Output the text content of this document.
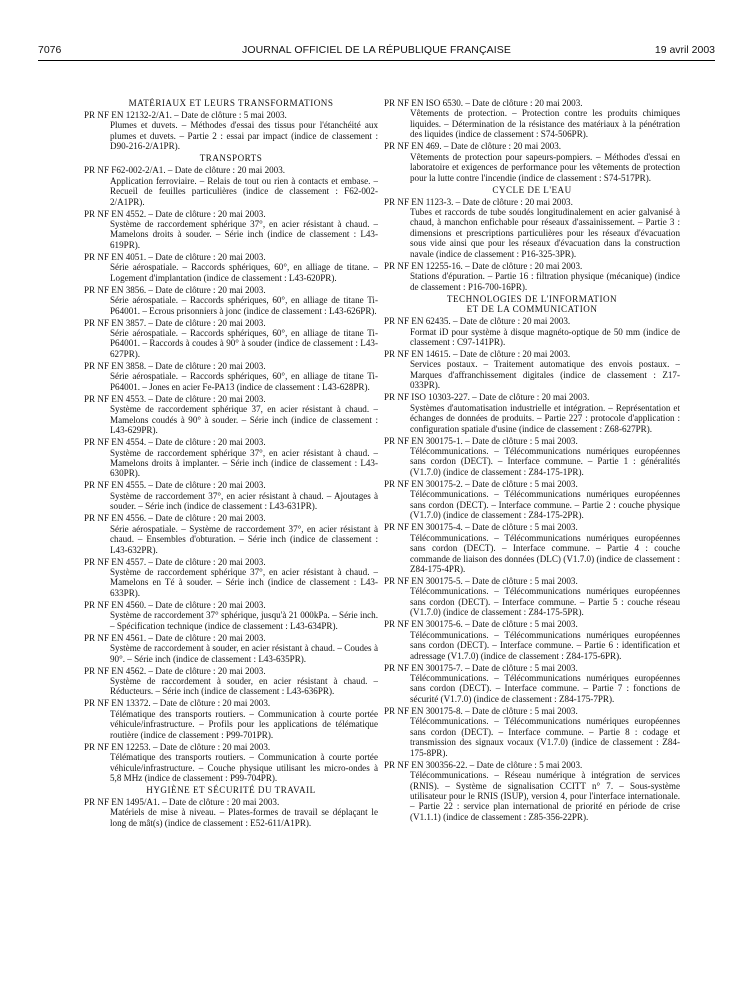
7076	JOURNAL OFFICIEL DE LA RÉPUBLIQUE FRANÇAISE	19 avril 2003
MATÉRIAUX ET LEURS TRANSFORMATIONS
PR NF EN 12132-2/A1. – Date de clôture : 5 mai 2003.
Plumes et duvets. – Méthodes d'essai des tissus pour l'étanchéité aux plumes et duvets. – Partie 2 : essai par impact (indice de classement : D90-216-2/A1PR).
TRANSPORTS
PR NF F62-002-2/A1. – Date de clôture : 20 mai 2003.
Application ferroviaire. – Relais de tout ou rien à contacts et embase. – Recueil de feuilles particulières (indice de classement : F62-002-2/A1PR).
PR NF EN 4552. – Date de clôture : 20 mai 2003.
Système de raccordement sphérique 37°, en acier résistant à chaud. – Mamelons droits à souder. – Série inch (indice de classement : L43-619PR).
PR NF EN 4051. – Date de clôture : 20 mai 2003.
Série aérospatiale. – Raccords sphériques, 60°, en alliage de titane. – Logement d'implantation (indice de classement : L43-620PR).
PR NF EN 3856. – Date de clôture : 20 mai 2003.
Série aérospatiale. – Raccords sphériques, 60°, en alliage de titane Ti-P64001. – Ecrous prisonniers à jonc (indice de classement : L43-626PR).
PR NF EN 3857. – Date de clôture : 20 mai 2003.
Série aérospatiale. – Raccords sphériques, 60°, en alliage de titane Ti-P64001. – Raccords à coudes à 90° à souder (indice de classement : L43-627PR).
PR NF EN 3858. – Date de clôture : 20 mai 2003.
Série aérospatiale. – Raccords sphériques, 60°, en alliage de titane Ti-P64001. – Jones en acier Fe-PA13 (indice de classement : L43-628PR).
PR NF EN 4553. – Date de clôture : 20 mai 2003.
Système de raccordement sphérique 37, en acier résistant à chaud. – Mamelons coudés à 90° à souder. – Série inch (indice de classement : L43-629PR).
PR NF EN 4554. – Date de clôture : 20 mai 2003.
Système de raccordement sphérique 37°, en acier résistant à chaud. – Mamelons droits à implanter. – Série inch (indice de classement : L43-630PR).
PR NF EN 4555. – Date de clôture : 20 mai 2003.
Système de raccordement 37°, en acier résistant à chaud. – Ajoutages à souder. – Série inch (indice de classement : L43-631PR).
PR NF EN 4556. – Date de clôture : 20 mai 2003.
Série aérospatiale. – Système de raccordement 37°, en acier résistant à chaud. – Ensembles d'obturation. – Série inch (indice de classement : L43-632PR).
PR NF EN 4557. – Date de clôture : 20 mai 2003.
Système de raccordement sphérique 37°, en acier résistant à chaud. – Mamelons en Té à souder. – Série inch (indice de classement : L43-633PR).
PR NF EN 4560. – Date de clôture : 20 mai 2003.
Système de raccordement 37° sphérique, jusqu'à 21 000kPa. – Série inch. – Spécification technique (indice de classement : L43-634PR).
PR NF EN 4561. – Date de clôture : 20 mai 2003.
Système de raccordement à souder, en acier résistant à chaud. – Coudes à 90°. – Série inch (indice de classement : L43-635PR).
PR NF EN 4562. – Date de clôture : 20 mai 2003.
Système de raccordement à souder, en acier résistant à chaud. – Réducteurs. – Série inch (indice de classement : L43-636PR).
PR NF EN 13372. – Date de clôture : 20 mai 2003.
Télématique des transports routiers. – Communication à courte portée véhicule/infrastructure. – Profils pour les applications de télématique routière (indice de classement : P99-701PR).
PR NF EN 12253. – Date de clôture : 20 mai 2003.
Télématique des transports routiers. – Communication à courte portée véhicule/infrastructure. – Couche physique utilisant les micro-ondes à 5,8 MHz (indice de classement : P99-704PR).
HYGIÈNE ET SÉCURITÉ DU TRAVAIL
PR NF EN 1495/A1. – Date de clôture : 20 mai 2003.
Matériels de mise à niveau. – Plates-formes de travail se déplaçant le long de mât(s) (indice de classement : E52-611/A1PR).
PR NF EN ISO 6530. – Date de clôture : 20 mai 2003.
Vêtements de protection. – Protection contre les produits chimiques liquides. – Détermination de la résistance des matériaux à la pénétration des liquides (indice de classement : S74-506PR).
PR NF EN 469. – Date de clôture : 20 mai 2003.
Vêtements de protection pour sapeurs-pompiers. – Méthodes d'essai en laboratoire et exigences de performance pour les vêtements de protection pour la lutte contre l'incendie (indice de classement : S74-517PR).
CYCLE DE L'EAU
PR NF EN 1123-3. – Date de clôture : 20 mai 2003.
Tubes et raccords de tube soudés longitudinalement en acier galvanisé à chaud, à manchon enfichable pour réseaux d'assainissement. – Partie 3 : dimensions et prescriptions particulières pour les réseaux d'évacuation sous vide ainsi que pour les réseaux d'évacuation dans la construction navale (indice de classement : P16-325-3PR).
PR NF EN 12255-16. – Date de clôture : 20 mai 2003.
Stations d'épuration. – Partie 16 : filtration physique (mécanique) (indice de classement : P16-700-16PR).
TECHNOLOGIES DE L'INFORMATION
ET DE LA COMMUNICATION
PR NF EN 62435. – Date de clôture : 20 mai 2003.
Format iD pour système à disque magnéto-optique de 50 mm (indice de classement : C97-141PR).
PR NF EN 14615. – Date de clôture : 20 mai 2003.
Services postaux. – Traitement automatique des envois postaux. – Marques d'affranchissement digitales (indice de classement : Z17-033PR).
PR NF ISO 10303-227. – Date de clôture : 20 mai 2003.
Systèmes d'automatisation industrielle et intégration. – Représentation et échanges de données de produits. – Partie 227 : protocole d'application : configuration spatiale d'usine (indice de classement : Z68-627PR).
PR NF EN 300175-1. – Date de clôture : 5 mai 2003.
Télécommunications. – Télécommunications numériques européennes sans cordon (DECT). – Interface commune. – Partie 1 : généralités (V1.7.0) (indice de classement : Z84-175-1PR).
PR NF EN 300175-2. – Date de clôture : 5 mai 2003.
Télécommunications. – Télécommunications numériques européennes sans cordon (DECT). – Interface commune. – Partie 2 : couche physique (V1.7.0) (indice de classement : Z84-175-2PR).
PR NF EN 300175-4. – Date de clôture : 5 mai 2003.
Télécommunications. – Télécommunications numériques européennes sans cordon (DECT). – Interface commune. – Partie 4 : couche commande de liaison des données (DLC) (V1.7.0) (indice de classement : Z84-175-4PR).
PR NF EN 300175-5. – Date de clôture : 5 mai 2003.
Télécommunications. – Télécommunications numériques européennes sans cordon (DECT). – Interface commune. – Partie 5 : couche réseau (V1.7.0) (indice de classement : Z84-175-5PR).
PR NF EN 300175-6. – Date de clôture : 5 mai 2003.
Télécommunications. – Télécommunications numériques européennes sans cordon (DECT). – Interface commune. – Partie 6 : identification et adressage (V1.7.0) (indice de classement : Z84-175-6PR).
PR NF EN 300175-7. – Date de clôture : 5 mai 2003.
Télécommunications. – Télécommunications numériques européennes sans cordon (DECT). – Interface commune. – Partie 7 : fonctions de sécurité (V1.7.0) (indice de classement : Z84-175-7PR).
PR NF EN 300175-8. – Date de clôture : 5 mai 2003.
Télécommunications. – Télécommunications numériques européennes sans cordon (DECT). – Interface commune. – Partie 8 : codage et transmission des signaux vocaux (V1.7.0) (indice de classement : Z84-175-8PR).
PR NF EN 300356-22. – Date de clôture : 5 mai 2003.
Télécommunications. – Réseau numérique à intégration de services (RNIS). – Système de signalisation CCITT n° 7. – Sous-système utilisateur pour le RNIS (ISUP), version 4, pour l'interface internationale. – Partie 22 : service plan international de priorité en période de crise (V1.1.1) (indice de classement : Z85-356-22PR).
